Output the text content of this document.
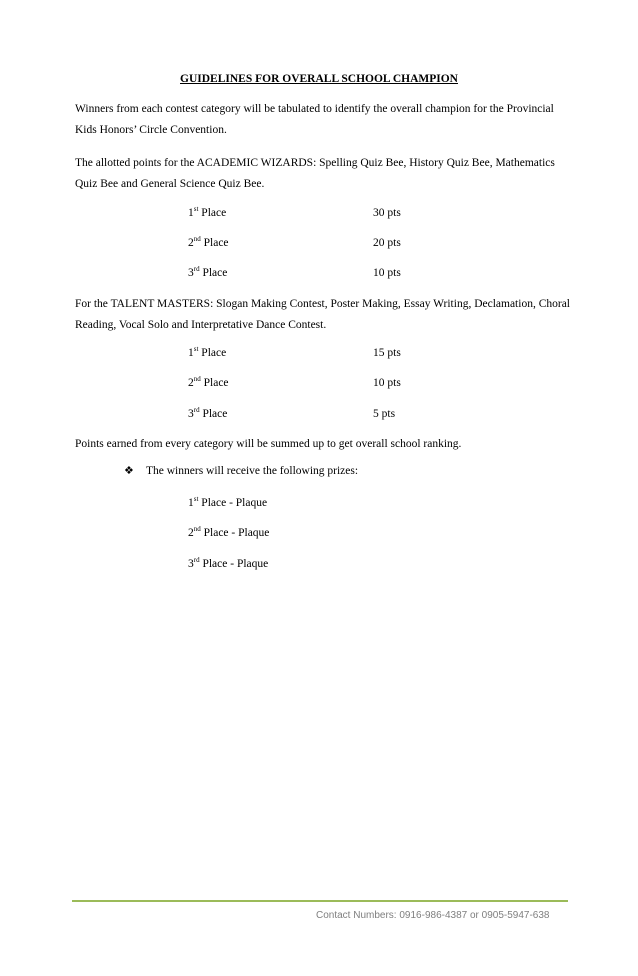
GUIDELINES FOR OVERALL SCHOOL CHAMPION

Winners from each contest category will be tabulated to identify the overall champion for the Provincial Kids Honors’ Circle Convention.

The allotted points for the ACADEMIC WIZARDS: Spelling Quiz Bee, History Quiz Bee, Mathematics Quiz Bee and General Science Quiz Bee.

1st Place	30 pts
2nd Place	20 pts
3rd Place	10 pts

For the TALENT MASTERS: Slogan Making Contest, Poster Making, Essay Writing, Declamation, Choral Reading, Vocal Solo and Interpretative Dance Contest.

1st Place	15 pts
2nd Place	10 pts
3rd Place	5 pts

Points earned from every category will be summed up to get overall school ranking.

❖ The winners will receive the following prizes:
1st Place - Plaque
2nd Place - Plaque
3rd Place - Plaque
Contact Numbers: 0916-986-4387 or 0905-5947-638
